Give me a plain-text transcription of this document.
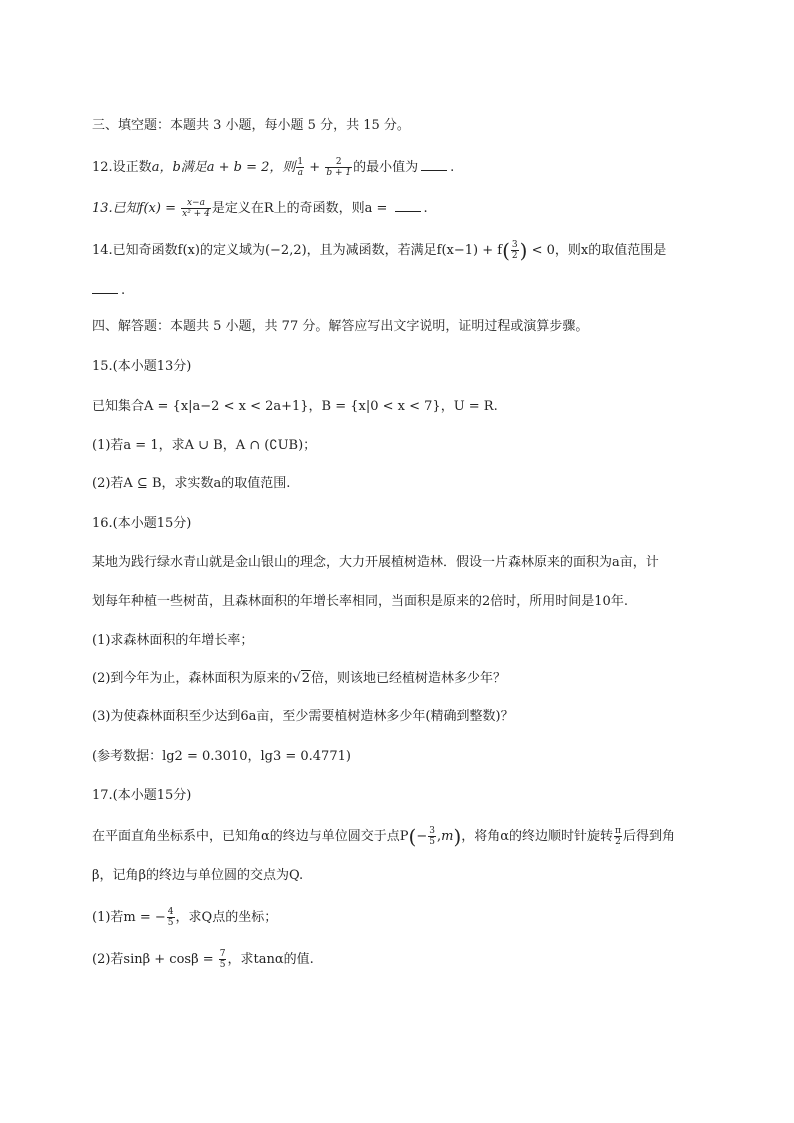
三、填空题：本题共 3 小题，每小题 5 分，共 15 分。
12.设正数a，b满足a + b = 2，则 $\frac{1}{a} + \frac{2}{b + 1}$ 的最小值为 .
13.已知$f(x) = \frac{x-a}{\text{x² + 4}}$ 是定义在R上的奇函数，则a = .
14.已知奇函数f(x)的定义域为(−2,2)，且为减函数，若满足$f(x-1) + f( \frac{3}{2}$ ) < 0，则x的取值范围是
.
四、解答题：本题共 5 小题，共 77 分。解答应写出文字说明，证明过程或演算步骤。
15.(本小题13分)
已知集合A = {x|a−2 < x < 2a+1}，B = {x|0 < x < 7}，U = R.
(1)若a = 1，求A ∪ B，A ∩ (∁UB)；
(2)若A ⊆ B，求实数a的取值范围.
16.(本小题15分)
某地为践行绿水青山就是金山银山的理念，大力开展植树造林．假设一片森林原来的面积为a亩，计
划每年种植一些树苗，且森林面积的年增长率相同，当面积是原来的2倍时，所用时间是10年.
(1)求森林面积的年增长率；
(2)到今年为止，森林面积为原来的√2倍，则该地已经植树造林多少年？
(3)为使森林面积至少达到6a亩，至少需要植树造林多少年(精确到整数)？
(参考数据：lg2 = 0.3010，lg3 = 0.4771)
17.(本小题15分)
在平面直角坐标系中，已知角α的终边与单位圆交于点$P(- \frac{3}{5} ,m)$，将角α的终边顺时针旋转 $\frac{\pi}{2}$ 后得到角
β，记角β的终边与单位圆的交点为Q.
(1)若m = − $\frac{4}{5}$ ，求Q点的坐标；
(2)若$\sin\beta + \cos\beta = \frac{7}{5}$ ，求tanα的值.
